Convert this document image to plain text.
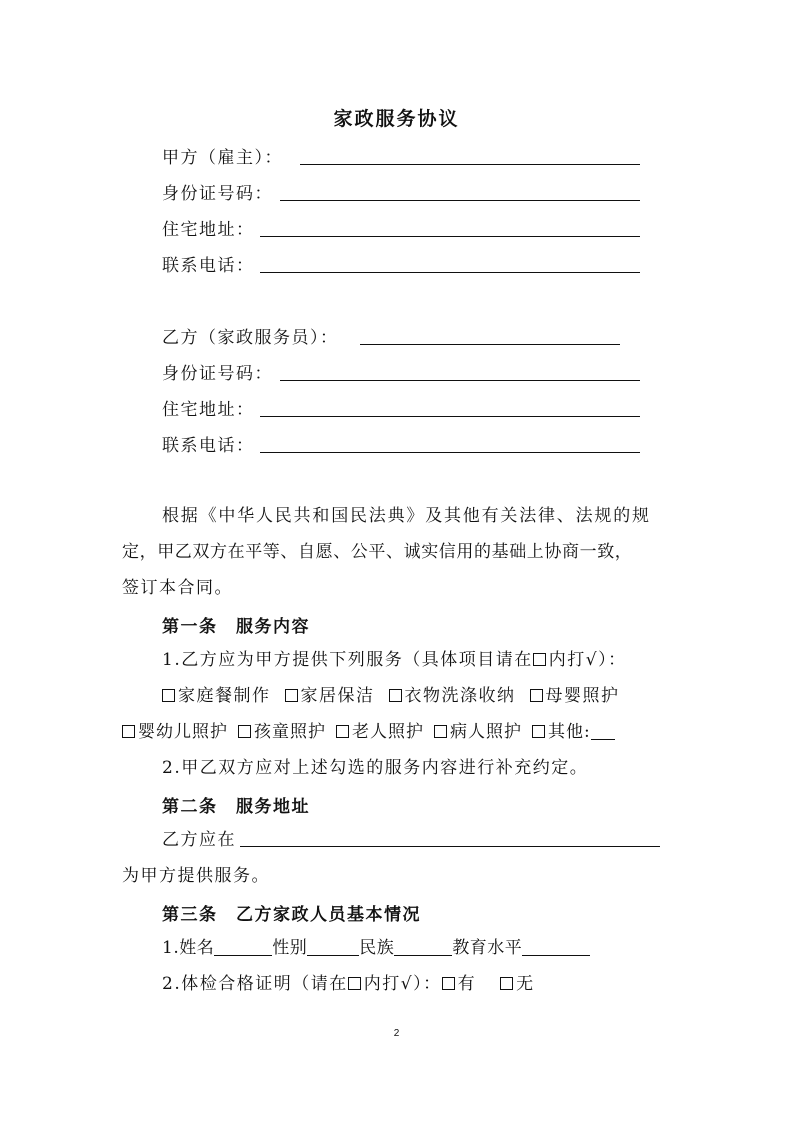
家政服务协议
甲方（雇主）：
身份证号码：
住宅地址：
联系电话：
乙方（家政服务员）：
身份证号码：
住宅地址：
联系电话：
根据《中华人民共和国民法典》及其他有关法律、法规的规
定，甲乙双方在平等、自愿、公平、诚实信用的基础上协商一致，
签订本合同。
第一条　服务内容
1.乙方应为甲方提供下列服务（具体项目请在 内打√）：
家庭餐制作 家居保洁 衣物洗涤收纳 母婴照护
婴幼儿照护 孩童照护 老人照护 病人照护 其他:
2.甲乙双方应对上述勾选的服务内容进行补充约定。
第二条　服务地址
乙方应在
为甲方提供服务。
第三条　乙方家政人员基本情况
1.姓名	性别	民族	教育水平
2.体检合格证明（请在 内打√）： 有 无
2
